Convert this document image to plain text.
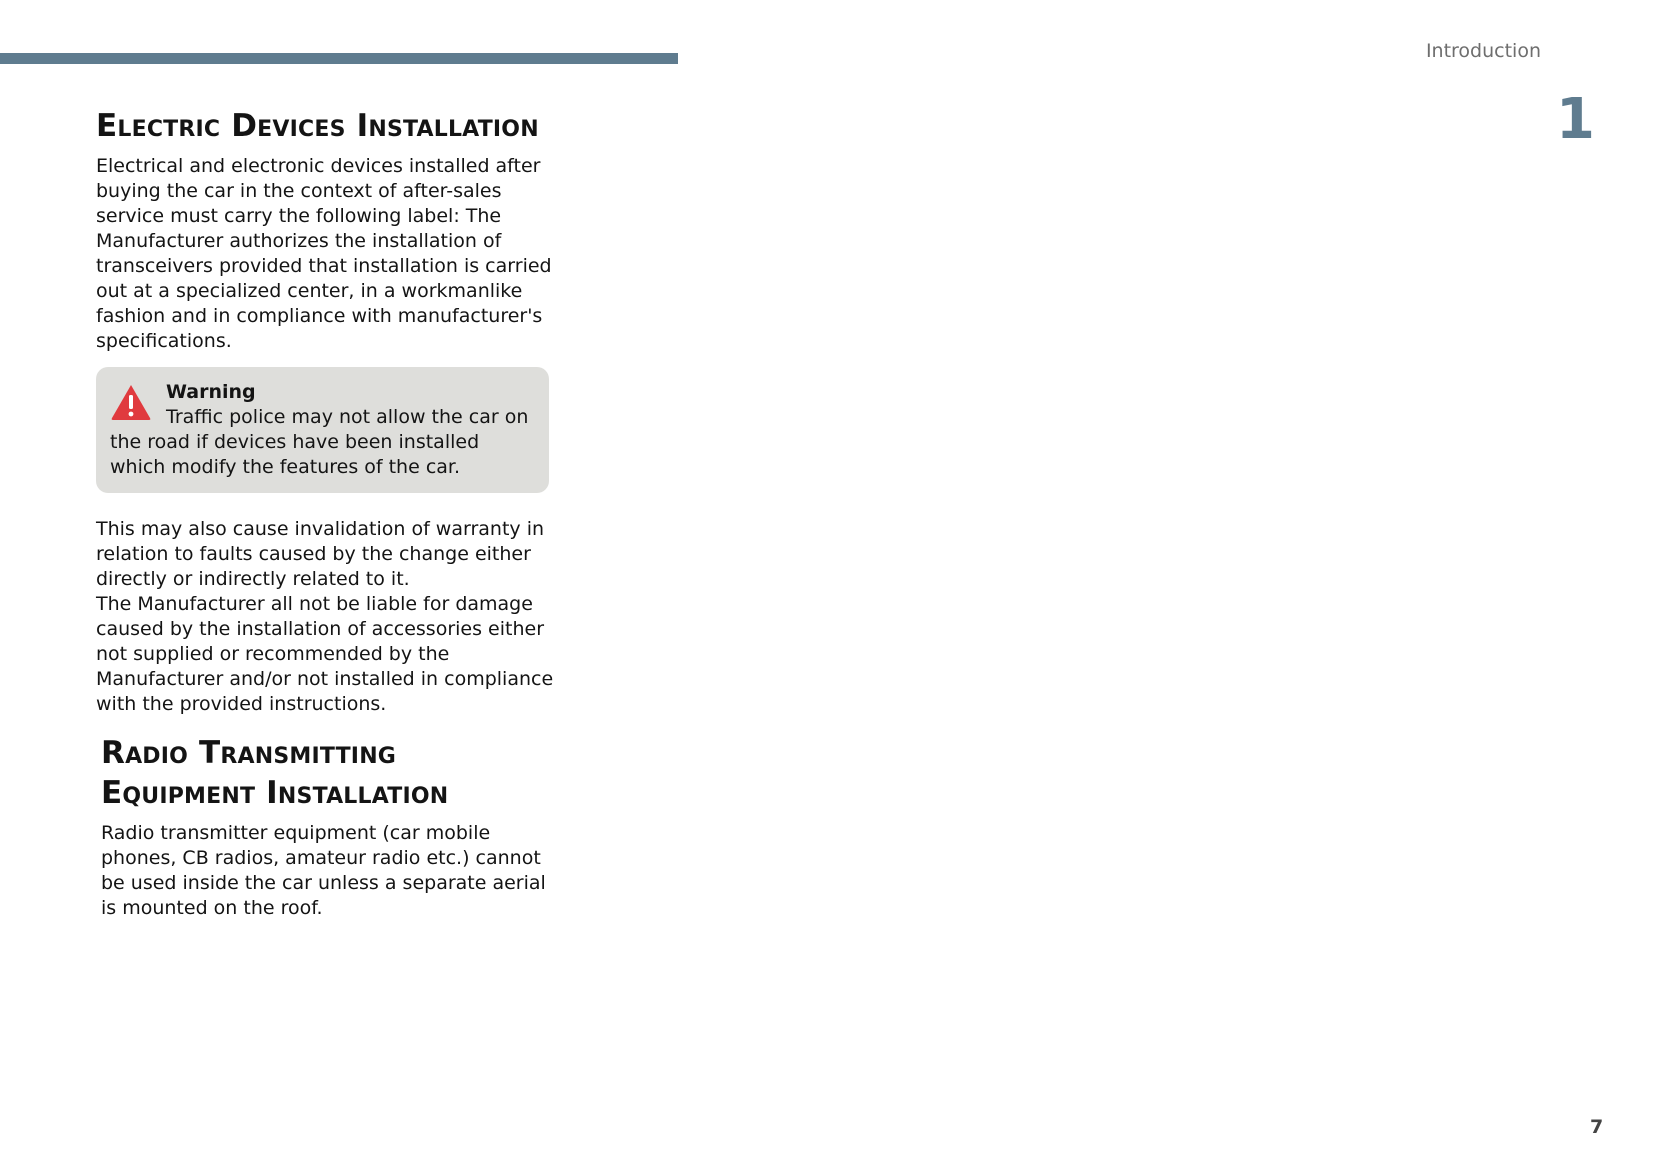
Introduction
1
Electric Devices Installation

Electrical and electronic devices installed after buying the car in the context of after-sales service must carry the following label: The Manufacturer authorizes the installation of transceivers provided that installation is carried out at a specialized center, in a workmanlike fashion and in compliance with manufacturer's specifications.

Warning

Traffic police may not allow the car on the road if devices have been installed which modify the features of the car.

This may also cause invalidation of warranty in relation to faults caused by the change either directly or indirectly related to it.

The Manufacturer all not be liable for damage caused by the installation of accessories either not supplied or recommended by the Manufacturer and/or not installed in compliance with the provided instructions.

Radio Transmitting Equipment Installation

Radio transmitter equipment (car mobile phones, CB radios, amateur radio etc.) cannot be used inside the car unless a separate aerial is mounted on the roof.

7
